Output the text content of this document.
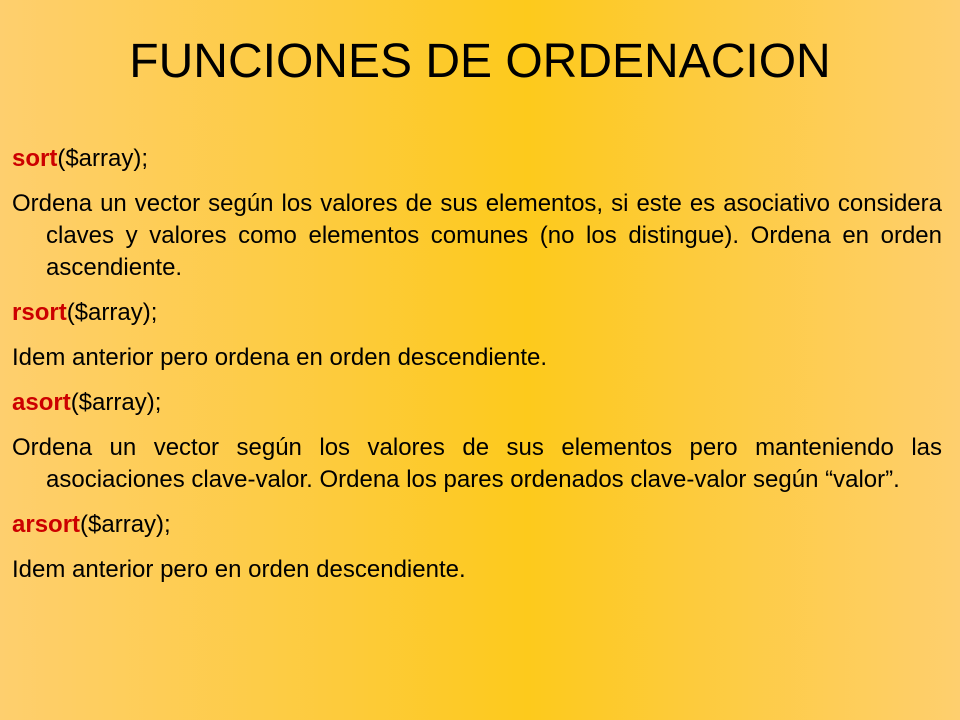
FUNCIONES DE ORDENACION
sort($array);
Ordena un vector según los valores de sus elementos, si este es asociativo considera claves y valores como elementos comunes (no los distingue). Ordena en orden ascendiente.
rsort($array);
Idem anterior pero ordena en orden descendiente.
asort($array);
Ordena un vector según los valores de sus elementos pero manteniendo las asociaciones clave-valor. Ordena los pares ordenados clave-valor según “valor”.
arsort($array);
Idem anterior pero en orden descendiente.
